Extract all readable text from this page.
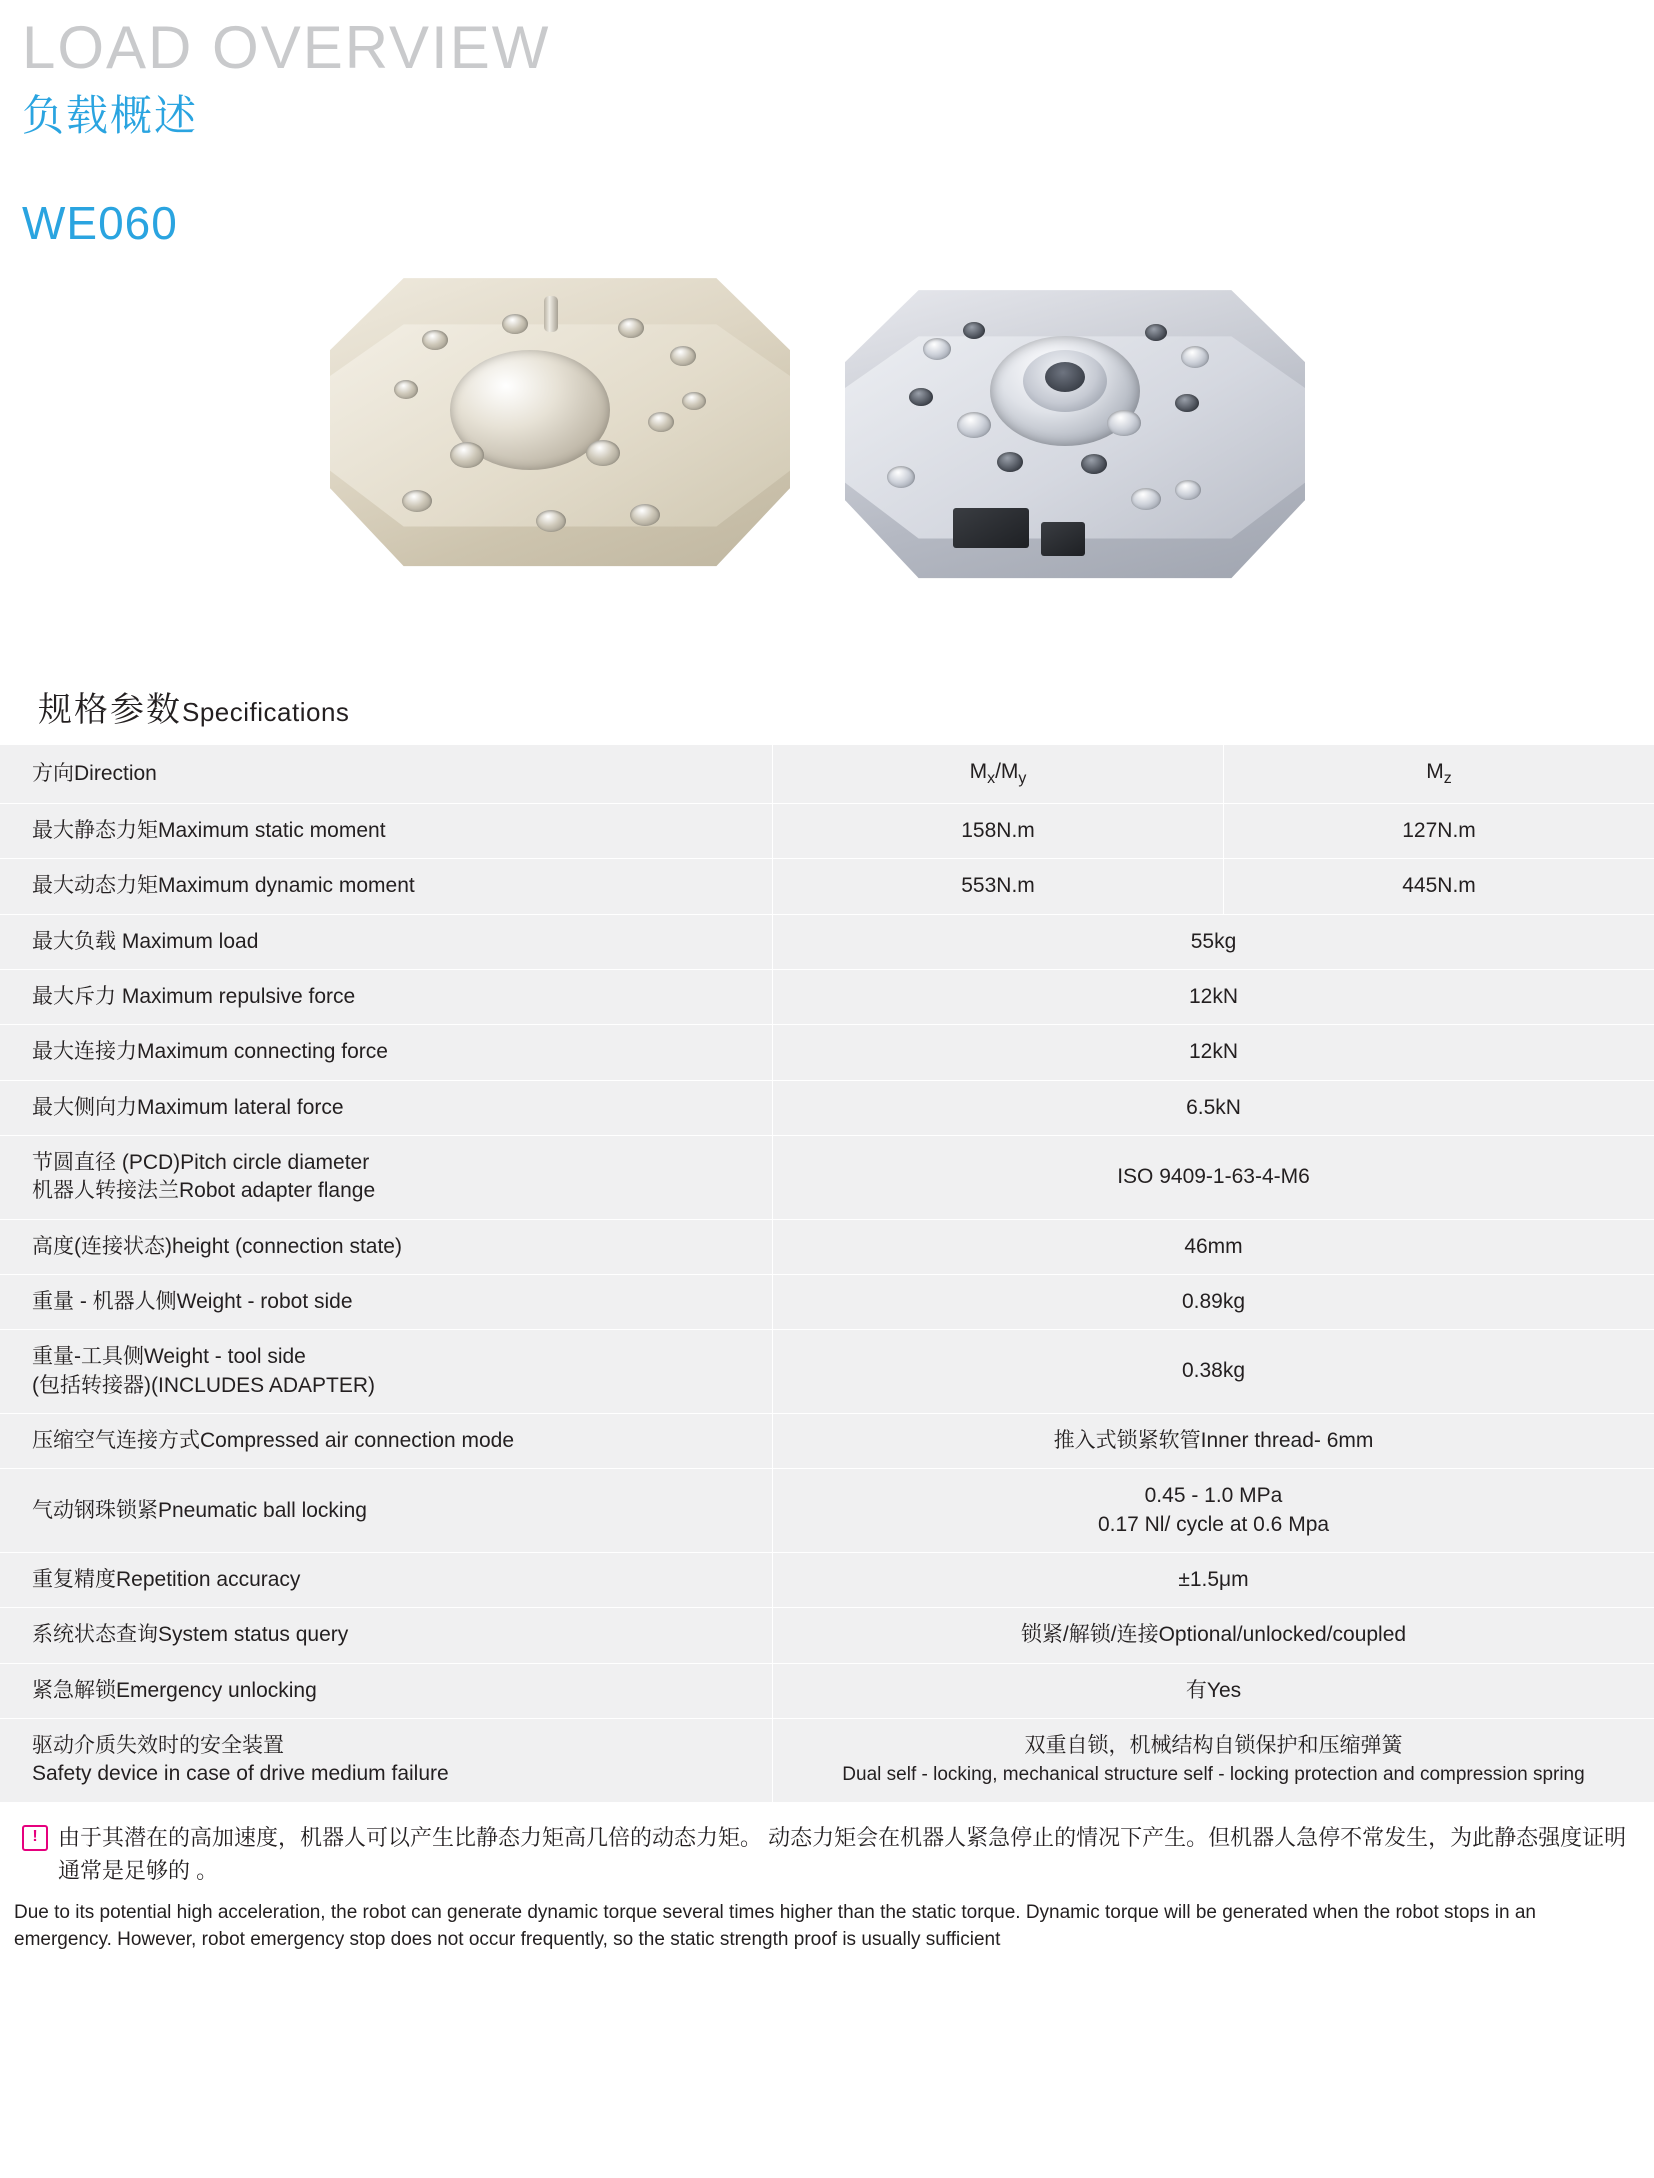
LOAD OVERVIEW
负载概述
WE060
规格参数Specifications
方向Direction	$M_x/M_y$	$M_z$
最大静态力矩Maximum static moment	158N.m	127N.m
最大动态力矩Maximum dynamic moment	553N.m	445N.m
最大负载 Maximum load	55kg	
最大斥力 Maximum repulsive force	12kN	
最大连接力Maximum connecting force	12kN	
最大侧向力Maximum lateral force	6.5kN	
节圆直径 (PCD)Pitch circle diameter
机器人转接法兰Robot adapter flange	ISO 9409-1-63-4-M6	
高度(连接状态)height (connection state)	46mm	
重量 - 机器人侧Weight - robot side	0.89kg	
重量-工具侧Weight - tool side
(包括转接器)(INCLUDES ADAPTER)	0.38kg	
压缩空气连接方式Compressed air connection mode	推入式锁紧软管Inner thread- 6mm	
气动钢珠锁紧Pneumatic ball locking	0.45 - 1.0 MPa
0.17 Nl/ cycle at 0.6 Mpa	
重复精度Repetition accuracy	±1.5μm	
系统状态查询System status query	锁紧/解锁/连接Optional/unlocked/coupled	
紧急解锁Emergency unlocking	有Yes	
驱动介质失效时的安全装置
Safety device in case of drive medium failure	双重自锁，机械结构自锁保护和压缩弹簧
Dual self - locking, mechanical structure self - locking protection and compression spring	
! 由于其潜在的高加速度，机器人可以产生比静态力矩高几倍的动态力矩。 动态力矩会在机器人紧急停止的情况下产生。但机器人急停不常发生，为此静态强度证明通常是足够的 。
Due to its potential high acceleration, the robot can generate dynamic torque several times higher than the static torque. Dynamic torque will be generated when the robot stops in an emergency. However, robot emergency stop does not occur frequently, so the static strength proof is usually sufficient
